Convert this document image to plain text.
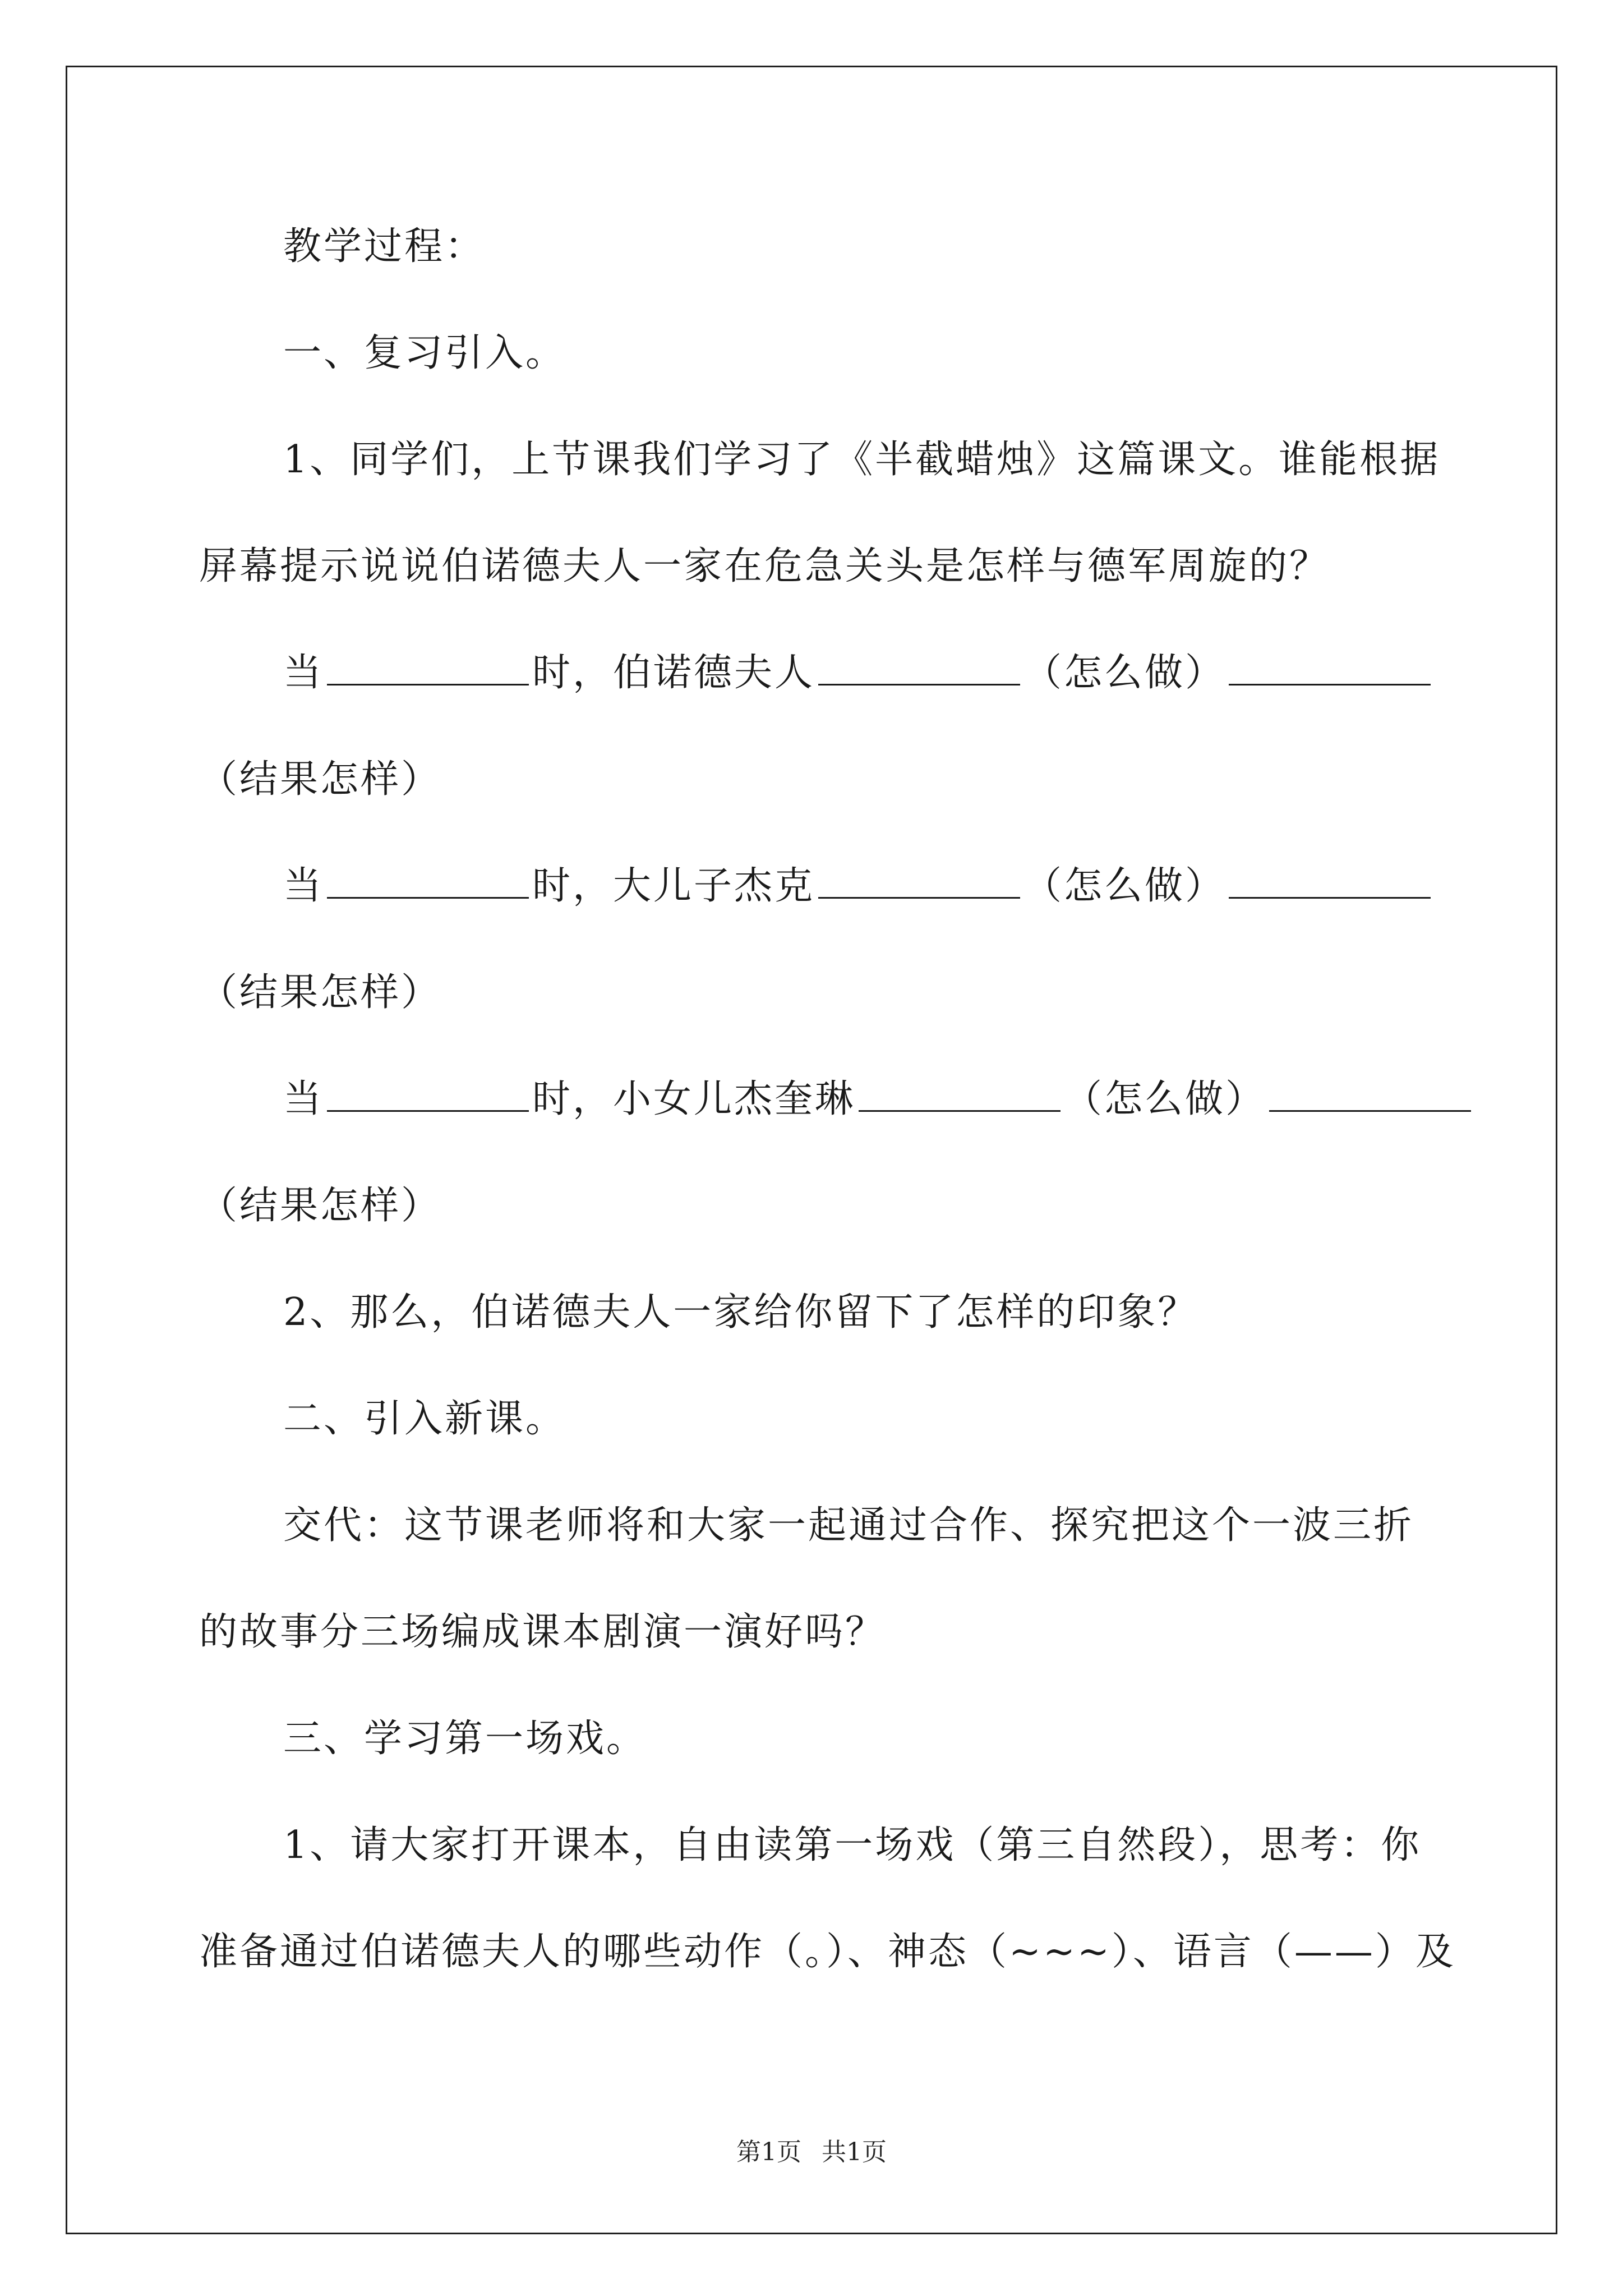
教学过程：
一、复习引入。
1、同学们，上节课我们学习了《半截蜡烛》这篇课文。谁能根据
屏幕提示说说伯诺德夫人一家在危急关头是怎样与德军周旋的？
当	时，伯诺德夫人	（怎么做）
（结果怎样）
当	时，大儿子杰克	（怎么做）
（结果怎样）
当	时，小女儿杰奎琳	（怎么做）
（结果怎样）
2、那么，伯诺德夫人一家给你留下了怎样的印象？
二、引入新课。
交代：这节课老师将和大家一起通过合作、探究把这个一波三折
的故事分三场编成课本剧演一演好吗？
三、学习第一场戏。
1、请大家打开课本，自由读第一场戏（第三自然段），思考：你
准备通过伯诺德夫人的哪些动作（。）、神态（~~~）、语言（——）及
第1页 共1页
